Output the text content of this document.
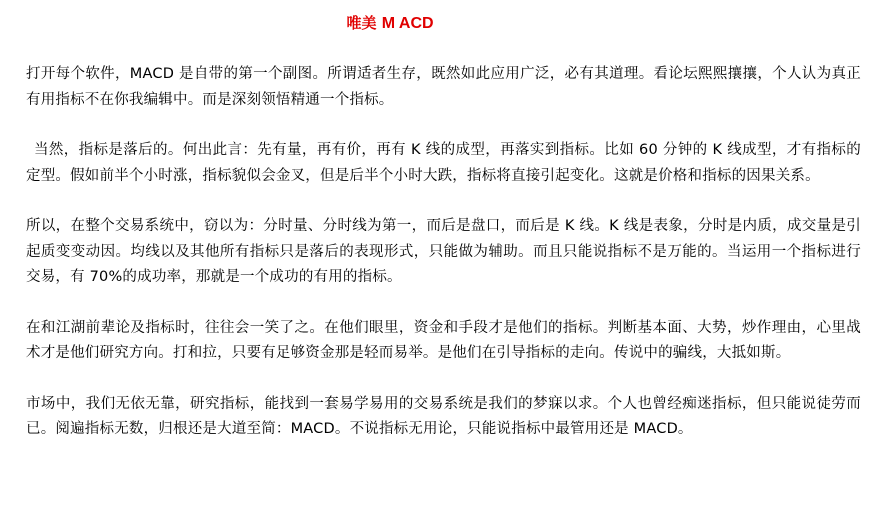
唯美 M ACD

打开每个软件，MACD 是自带的第一个副图。所谓适者生存，既然如此应用广泛，必有其道理。看论坛熙熙攘攘，个人认为真正有用指标不在你我编辑中。而是深刻领悟精通一个指标。

当然，指标是落后的。何出此言：先有量，再有价，再有 K 线的成型，再落实到指标。比如 60 分钟的 K 线成型，才有指标的定型。假如前半个小时涨，指标貌似会金叉，但是后半个小时大跌，指标将直接引起变化。这就是价格和指标的因果关系。

所以，在整个交易系统中，窃以为：分时量、分时线为第一，而后是盘口，而后是 K 线。K 线是表象，分时是内质，成交量是引起质变变动因。均线以及其他所有指标只是落后的表现形式，只能做为辅助。而且只能说指标不是万能的。当运用一个指标进行交易，有 70%的成功率，那就是一个成功的有用的指标。

在和江湖前辈论及指标时，往往会一笑了之。在他们眼里，资金和手段才是他们的指标。判断基本面、大势，炒作理由，心里战术才是他们研究方向。打和拉，只要有足够资金那是轻而易举。是他们在引导指标的走向。传说中的骗线，大抵如斯。

市场中，我们无依无靠，研究指标，能找到一套易学易用的交易系统是我们的梦寐以求。个人也曾经痴迷指标，但只能说徒劳而已。阅遍指标无数，归根还是大道至简：MACD。不说指标无用论，只能说指标中最管用还是 MACD。
